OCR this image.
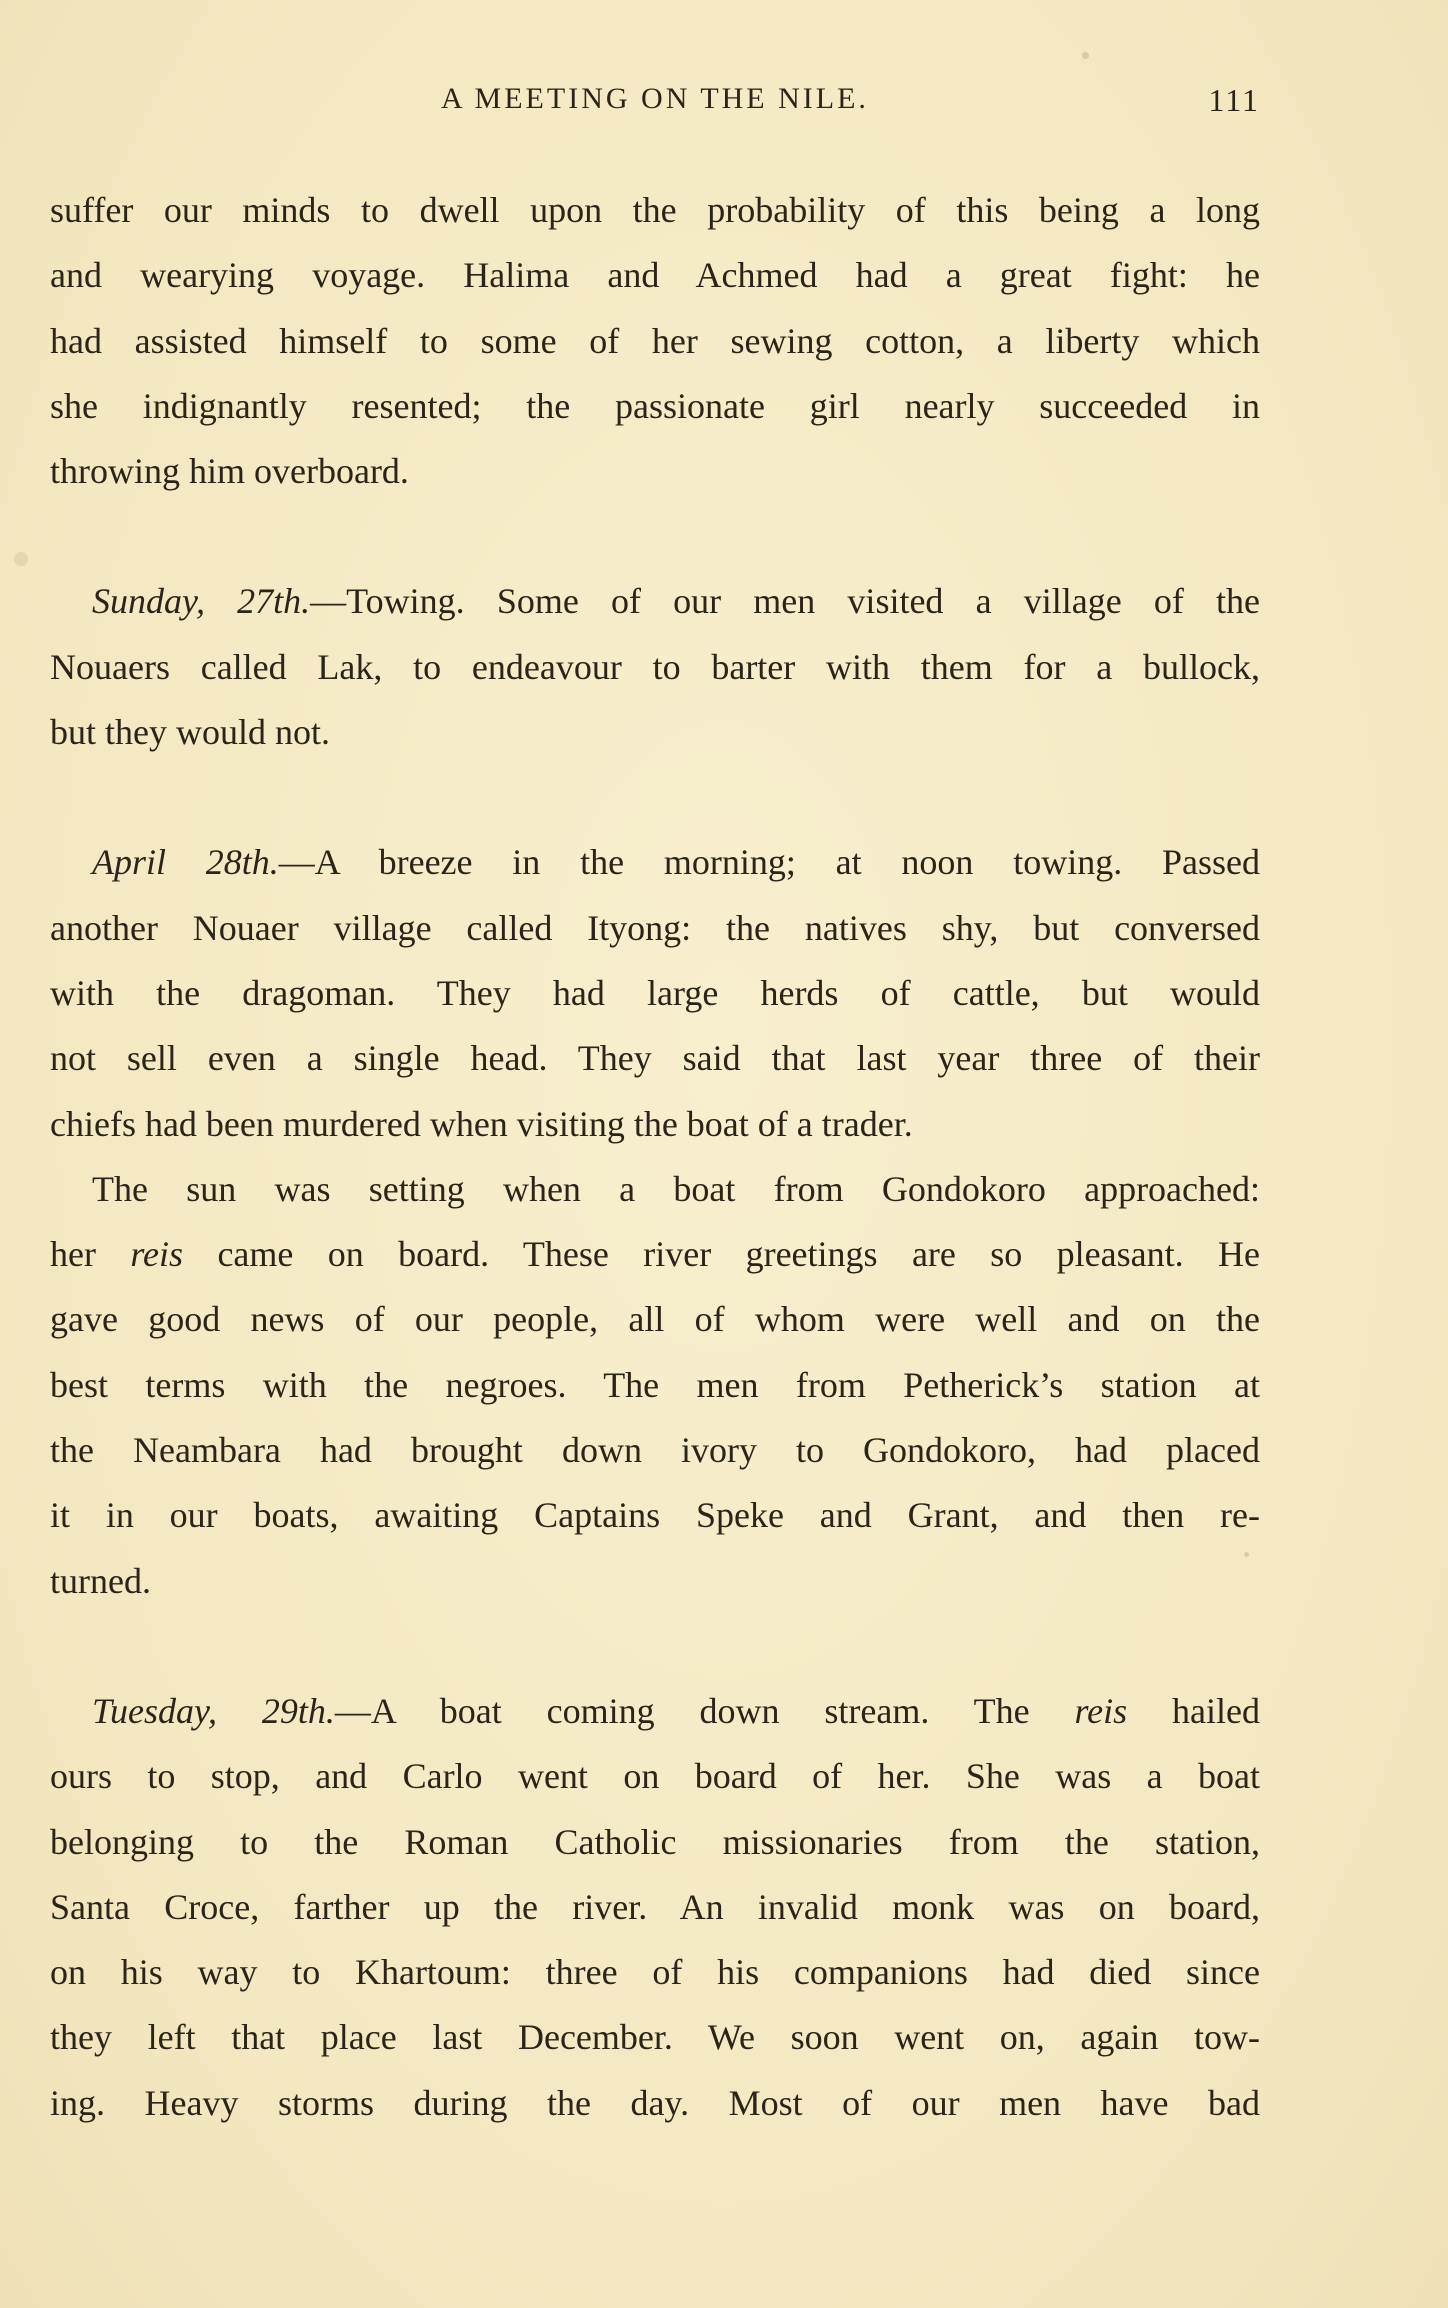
A MEETING ON THE NILE.	111
suffer our minds to dwell upon the probability of this being a long
and wearying voyage. Halima and Achmed had a great fight: he
had assisted himself to some of her sewing cotton, a liberty which
she indignantly resented; the passionate girl nearly succeeded in
throwing him overboard.
Sunday, 27th.—Towing. Some of our men visited a village of the
Nouaers called Lak, to endeavour to barter with them for a bullock,
but they would not.
April 28th.—A breeze in the morning; at noon towing. Passed
another Nouaer village called Ityong: the natives shy, but conversed
with the dragoman. They had large herds of cattle, but would
not sell even a single head. They said that last year three of their
chiefs had been murdered when visiting the boat of a trader.
The sun was setting when a boat from Gondokoro approached:
her reis came on board. These river greetings are so pleasant. He
gave good news of our people, all of whom were well and on the
best terms with the negroes. The men from Petherick’s station at
the Neambara had brought down ivory to Gondokoro, had placed
it in our boats, awaiting Captains Speke and Grant, and then re-
turned.
Tuesday, 29th.—A boat coming down stream. The reis hailed
ours to stop, and Carlo went on board of her. She was a boat
belonging to the Roman Catholic missionaries from the station,
Santa Croce, farther up the river. An invalid monk was on board,
on his way to Khartoum: three of his companions had died since
they left that place last December. We soon went on, again tow-
ing. Heavy storms during the day. Most of our men have bad
